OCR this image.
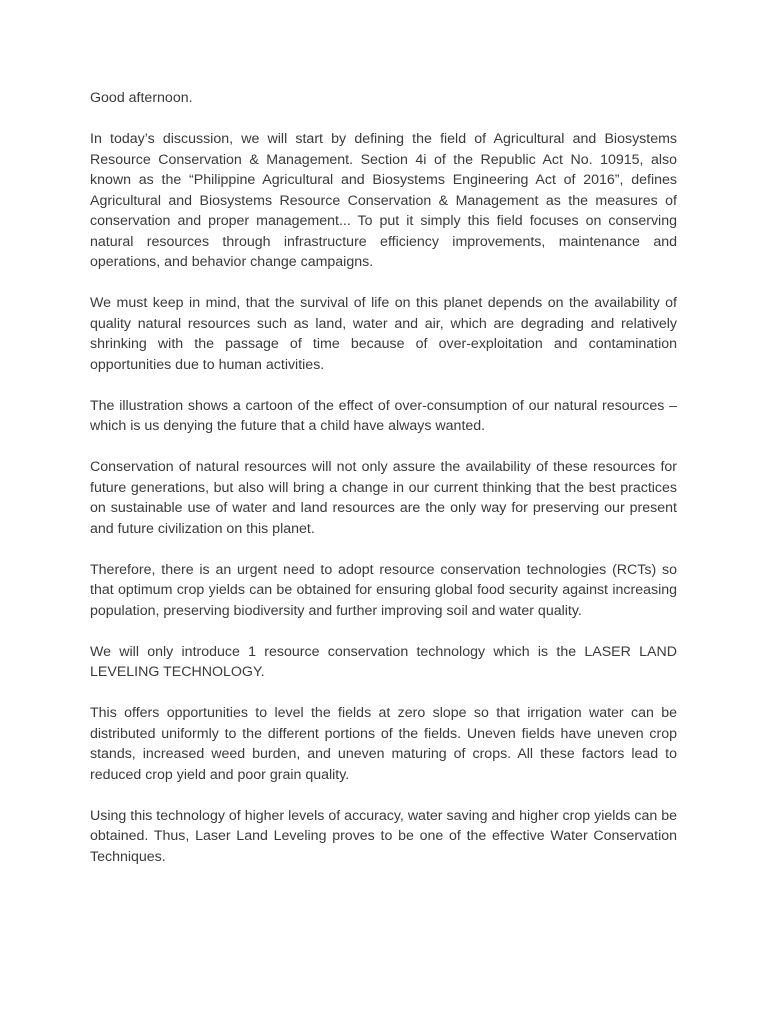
Good afternoon.

In today’s discussion, we will start by defining the field of Agricultural and Biosystems Resource Conservation & Management. Section 4i of the Republic Act No. 10915, also known as the “Philippine Agricultural and Biosystems Engineering Act of 2016”, defines Agricultural and Biosystems Resource Conservation & Management as the measures of conservation and proper management... To put it simply this field focuses on conserving natural resources through infrastructure efficiency improvements, maintenance and operations, and behavior change campaigns.

We must keep in mind, that the survival of life on this planet depends on the availability of quality natural resources such as land, water and air, which are degrading and relatively shrinking with the passage of time because of over-exploitation and contamination opportunities due to human activities.

The illustration shows a cartoon of the effect of over-consumption of our natural resources – which is us denying the future that a child have always wanted.

Conservation of natural resources will not only assure the availability of these resources for future generations, but also will bring a change in our current thinking that the best practices on sustainable use of water and land resources are the only way for preserving our present and future civilization on this planet.

Therefore, there is an urgent need to adopt resource conservation technologies (RCTs) so that optimum crop yields can be obtained for ensuring global food security against increasing population, preserving biodiversity and further improving soil and water quality.

We will only introduce 1 resource conservation technology which is the LASER LAND LEVELING TECHNOLOGY.

This offers opportunities to level the fields at zero slope so that irrigation water can be distributed uniformly to the different portions of the fields. Uneven fields have uneven crop stands, increased weed burden, and uneven maturing of crops. All these factors lead to reduced crop yield and poor grain quality.

Using this technology of higher levels of accuracy, water saving and higher crop yields can be obtained. Thus, Laser Land Leveling proves to be one of the effective Water Conservation Techniques.
